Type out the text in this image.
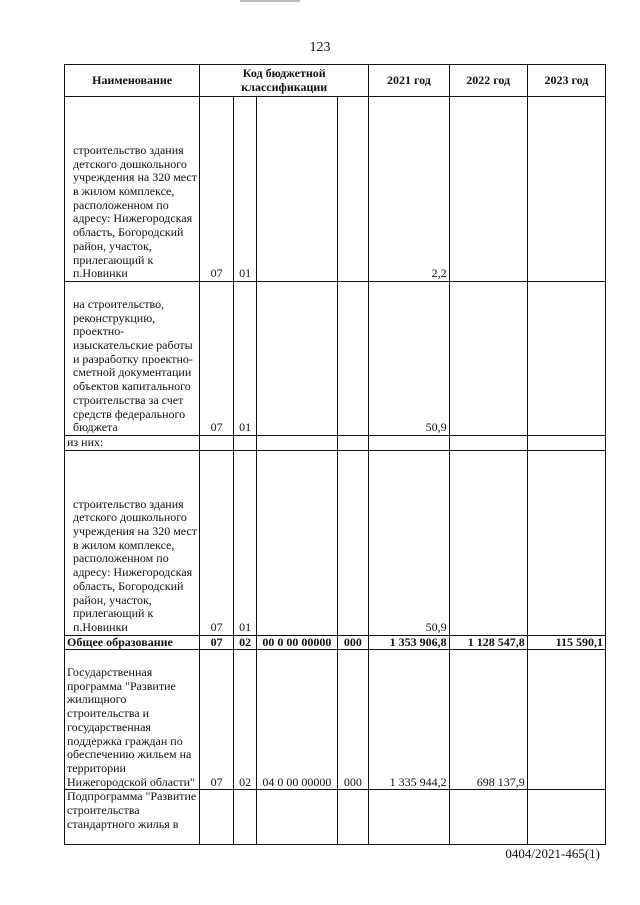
123
Наименование	Код бюджетной классификации				2021 год	2022 год	2023 год
строительство здания детского дошкольного учреждения на 320 мест в жилом комплексе, расположенном по адресу: Нижегородская область, Богородский район, участок, прилегающий к п.Новинки	07	01			2,2		
на строительство, реконструкцию, проектно-изыскательские работы и разработку проектно-сметной документации объектов капитального строительства за счет средств федерального бюджета	07	01			50,9		
из них:							
строительство здания детского дошкольного учреждения на 320 мест в жилом комплексе, расположенном по адресу: Нижегородская область, Богородский район, участок, прилегающий к п.Новинки	07	01			50,9		
Общее образование	07	02	00 0 00 00000	000	1 353 906,8	1 128 547,8	115 590,1
Государственная программа "Развитие жилищного строительства и государственная поддержка граждан по обеспечению жильем на территории Нижегородской области"	07	02	04 0 00 00000	000	1 335 944,2	698 137,9	
Подпрограмма "Развитие строительства стандартного жилья в							
0404/2021-465(1)
